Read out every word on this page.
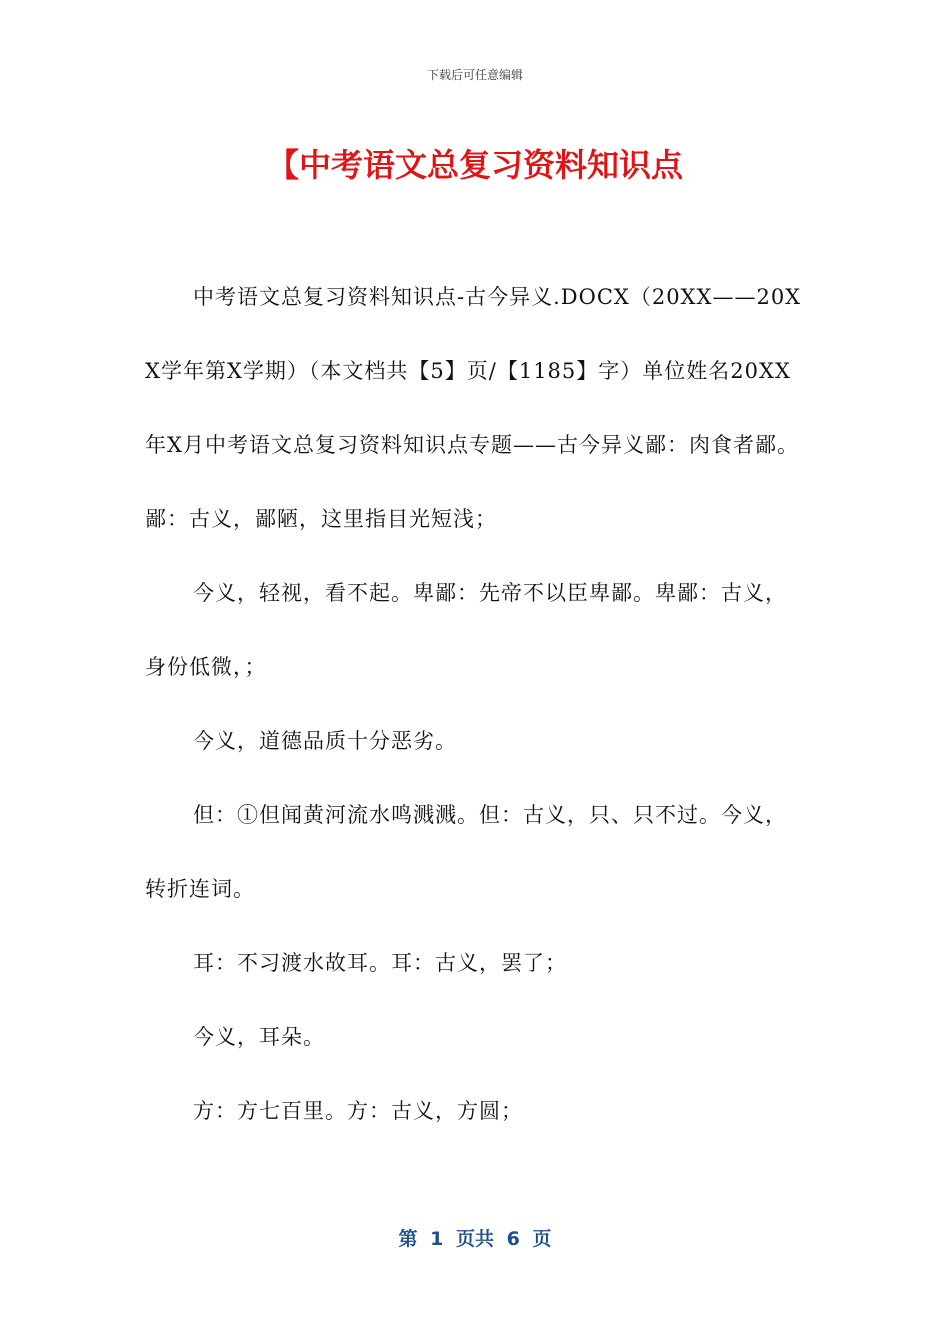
下载后可任意编辑
【中考语文总复习资料知识点

中考语文总复习资料知识点-古今异义.DOCX（20XX——20XX学年第X学期）（本文档共【5】页/【1185】字）单位姓名20XX年X月中考语文总复习资料知识点专题——古今异义鄙：肉食者鄙。鄙：古义，鄙陋，这里指目光短浅；

今义，轻视，看不起。卑鄙：先帝不以臣卑鄙。卑鄙：古义，身份低微，；

今义，道德品质十分恶劣。

但：①但闻黄河流水鸣溅溅。但：古义，只、只不过。今义，转折连词。

耳：不习渡水故耳。耳：古义，罢了；

今义，耳朵。

方：方七百里。方：古义，方圆；

第 1 页共 6 页
